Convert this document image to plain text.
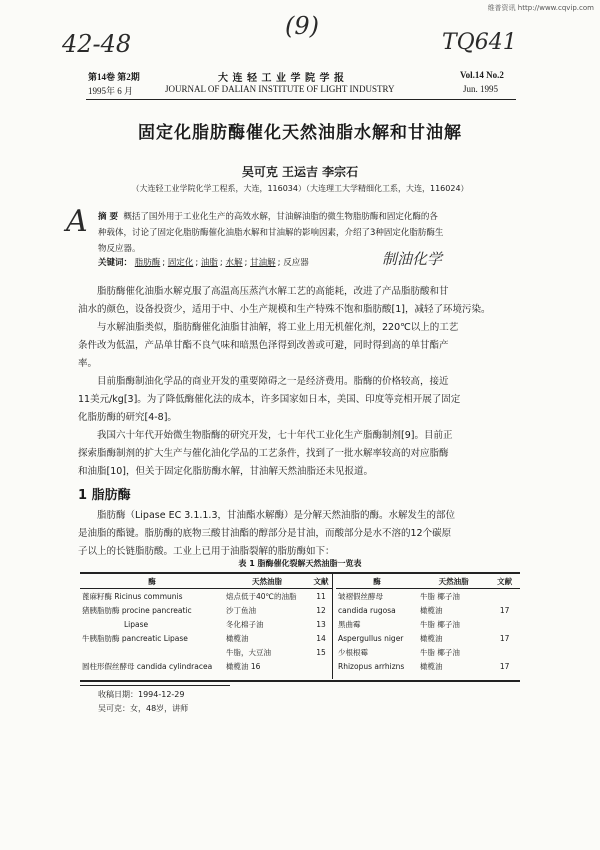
维普资讯 http://www.cqvip.com
42-48
(9)
TQ641
A
制油化学
第14卷 第2期	大 连 轻 工 业 学 院 学 报	Vol.14 No.2
1995年 6 月	JOURNAL OF DALIAN INSTITUTE OF LIGHT INDUSTRY	Jun. 1995
固定化脂肪酶催化天然油脂水解和甘油解
吴可克 王运吉 李宗石
（大连轻工业学院化学工程系，大连，116034）（大连理工大学精细化工系，大连，116024）
摘 要 概括了国外用于工业化生产的高效水解，甘油解油脂的微生物脂肪酶和固定化酶的各
种载体，讨论了固定化脂肪酶催化油脂水解和甘油解的影响因素，介绍了3种固定化脂肪酶生
物反应器。
关键词： 脂肪酶 ; 固定化 ; 油脂 ; 水解 ; 甘油解 ; 反应器
脂肪酶催化油脂水解克服了高温高压蒸汽水解工艺的高能耗，改进了产品脂肪酸和甘
油水的颜色，设备投资少，适用于中、小生产规模和生产特殊不饱和脂肪酸[1]，减轻了环境污染。
与水解油脂类似，脂肪酶催化油脂甘油解，将工业上用无机催化剂，220℃以上的工艺
条件改为低温，产品单甘酯不良气味和暗黑色泽得到改善或可避，同时得到高的单甘酯产
率。
目前脂酶制油化学品的商业开发的重要障碍之一是经济费用。脂酶的价格较高，接近
11美元/kg[3]。为了降低酶催化法的成本，许多国家如日本，美国、印度等竞相开展了固定
化脂肪酶的研究[4-8]。
我国六十年代开始微生物脂酶的研究开发，七十年代工业化生产脂酶制剂[9]。目前正
探索脂酶制剂的扩大生产与催化油化学品的工艺条件，找到了一批水解率较高的对应脂酶
和油脂[10]，但关于固定化脂肪酶水解，甘油解天然油脂还未见报道。
1 脂肪酶
脂肪酶（Lipase EC 3.1.1.3，甘油酯水解酶）是分解天然油脂的酶。水解发生的部位
是油脂的酯键。脂肪酶的底物三酸甘油酯的醇部分是甘油，而酸部分是水不溶的12个碳原
子以上的长链脂肪酸。工业上已用于油脂裂解的脂肪酶如下：
表 1 脂酶催化裂解天然油脂一览表
酶	天然油脂	文献
蓖麻籽酶 Ricinus communis	熔点低于40℃的油脂	11
猪胰脂肪酶 procine pancreatic	沙丁鱼油	12
Lipase	冬化棉子油	13
牛胰脂肪酶 pancreatic Lipase	橄榄油	14
	牛脂，大豆油	15
圆柱形假丝酵母 candida cylindracea	橄榄油 16	
酶	天然油脂	文献
皱褶假丝酵母	牛脂 椰子油	
candida rugosa	橄榄油	17
黑曲霉	牛脂 椰子油	
Aspergullus niger	橄榄油	17
少根根霉	牛脂 椰子油	
Rhizopus arrhizns	橄榄油	17
收稿日期：1994-12-29
吴可克：女，48岁，讲师
